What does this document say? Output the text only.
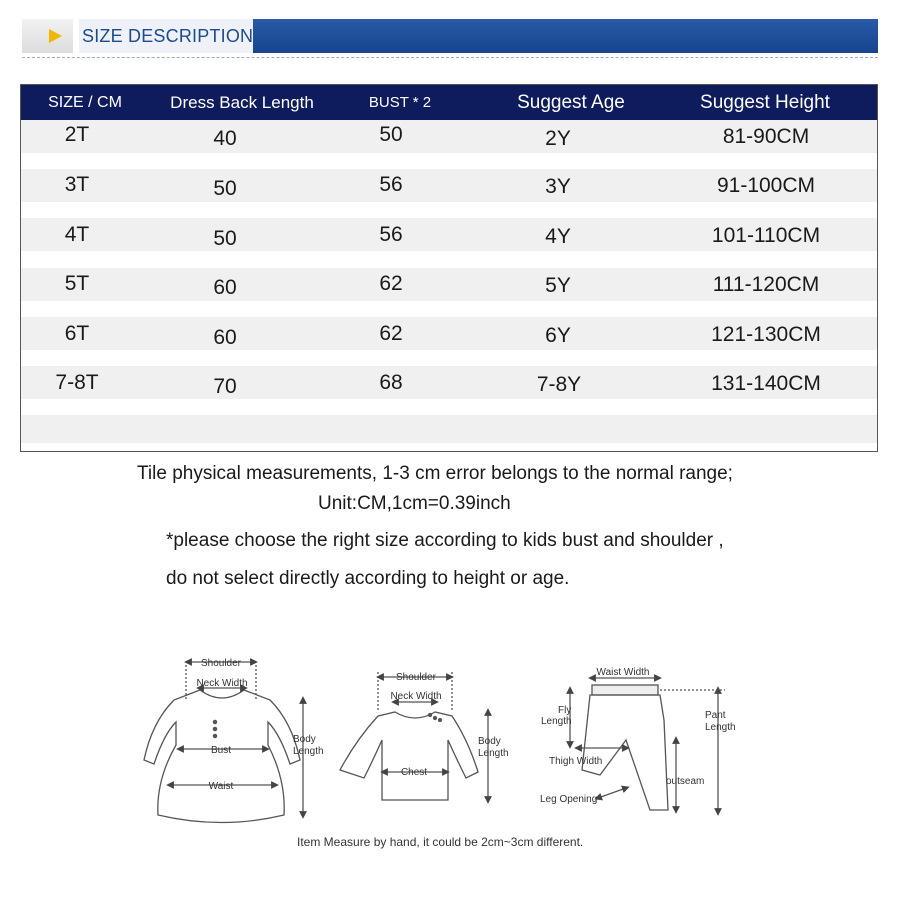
SIZE DESCRIPTION
SIZE / CM	Dress Back Length	BUST * 2	Suggest Age	Suggest Height
2T	40	50	2Y	81-90CM
3T	50	56	3Y	91-100CM
4T	50	56	4Y	101-110CM
5T	60	62	5Y	111-120CM
6T	60	62	6Y	121-130CM
7-8T	70	68	7-8Y	131-140CM
Tile physical measurements, 1-3 cm error belongs to the normal range;
Unit:CM,1cm=0.39inch
*please choose the right size according to kids bust and shoulder ,
do not select directly according to height or age.
Shoulder
Neck Width
Bust
Waist
Body
Length
Shoulder
Neck Width
Chest
Body
Length
Waist Width
Fly
Length
Thigh Width
Leg Opening
outseam
Pant
Length
Item Measure by hand, it could be 2cm~3cm different.
